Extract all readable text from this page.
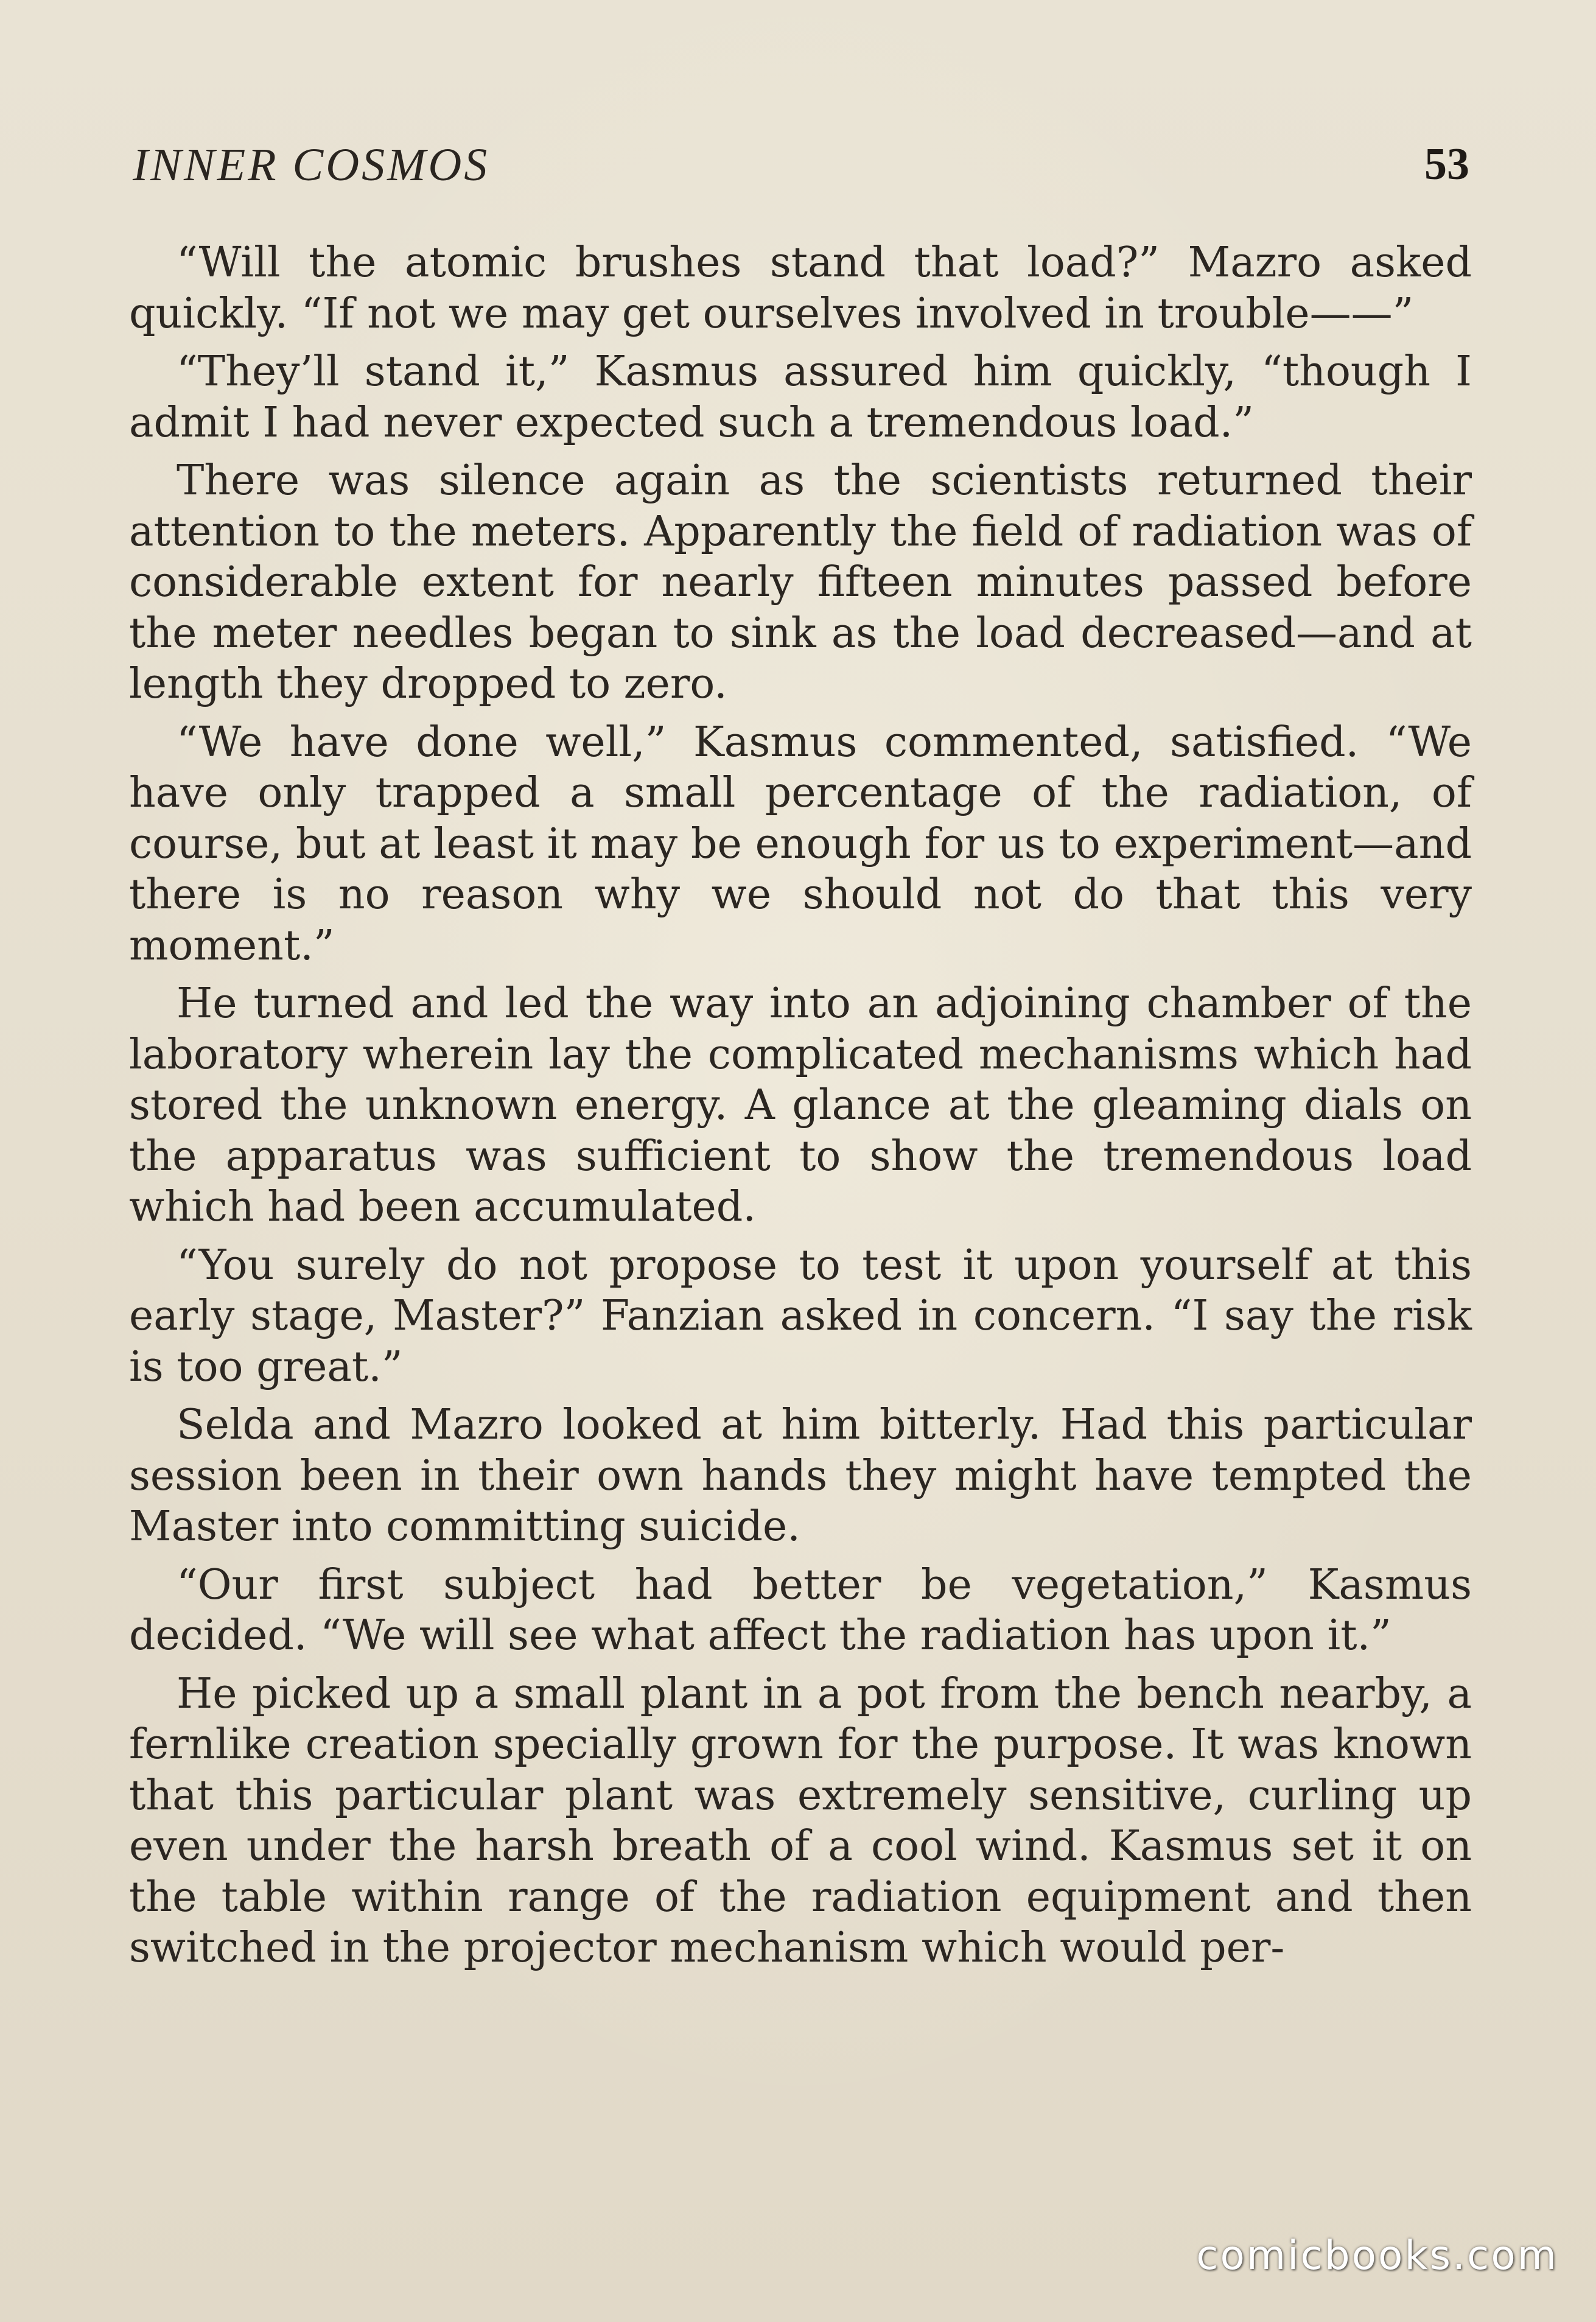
INNER COSMOS	53

“Will the atomic brushes stand that load?” Mazro asked quickly. “If not we may get ourselves involved in trouble——”

“They’ll stand it,” Kasmus assured him quickly, “though I admit I had never expected such a tremendous load.”

There was silence again as the scientists returned their attention to the meters. Apparently the field of radiation was of considerable extent for nearly fifteen minutes passed before the meter needles began to sink as the load decreased—and at length they dropped to zero.

“We have done well,” Kasmus commented, satisfied. “We have only trapped a small percentage of the radiation, of course, but at least it may be enough for us to experiment—and there is no reason why we should not do that this very moment.”

He turned and led the way into an adjoining chamber of the laboratory wherein lay the complicated mechanisms which had stored the unknown energy. A glance at the gleaming dials on the apparatus was sufficient to show the tremendous load which had been accumulated.

“You surely do not propose to test it upon yourself at this early stage, Master?” Fanzian asked in concern. “I say the risk is too great.”

Selda and Mazro looked at him bitterly. Had this particular session been in their own hands they might have tempted the Master into committing suicide.

“Our first subject had better be vegetation,” Kasmus decided. “We will see what affect the radiation has upon it.”

He picked up a small plant in a pot from the bench nearby, a fernlike creation specially grown for the purpose. It was known that this particular plant was extremely sensitive, curling up even under the harsh breath of a cool wind. Kasmus set it on the table within range of the radiation equipment and then switched in the projector mechanism which would per-

comicbooks.com
